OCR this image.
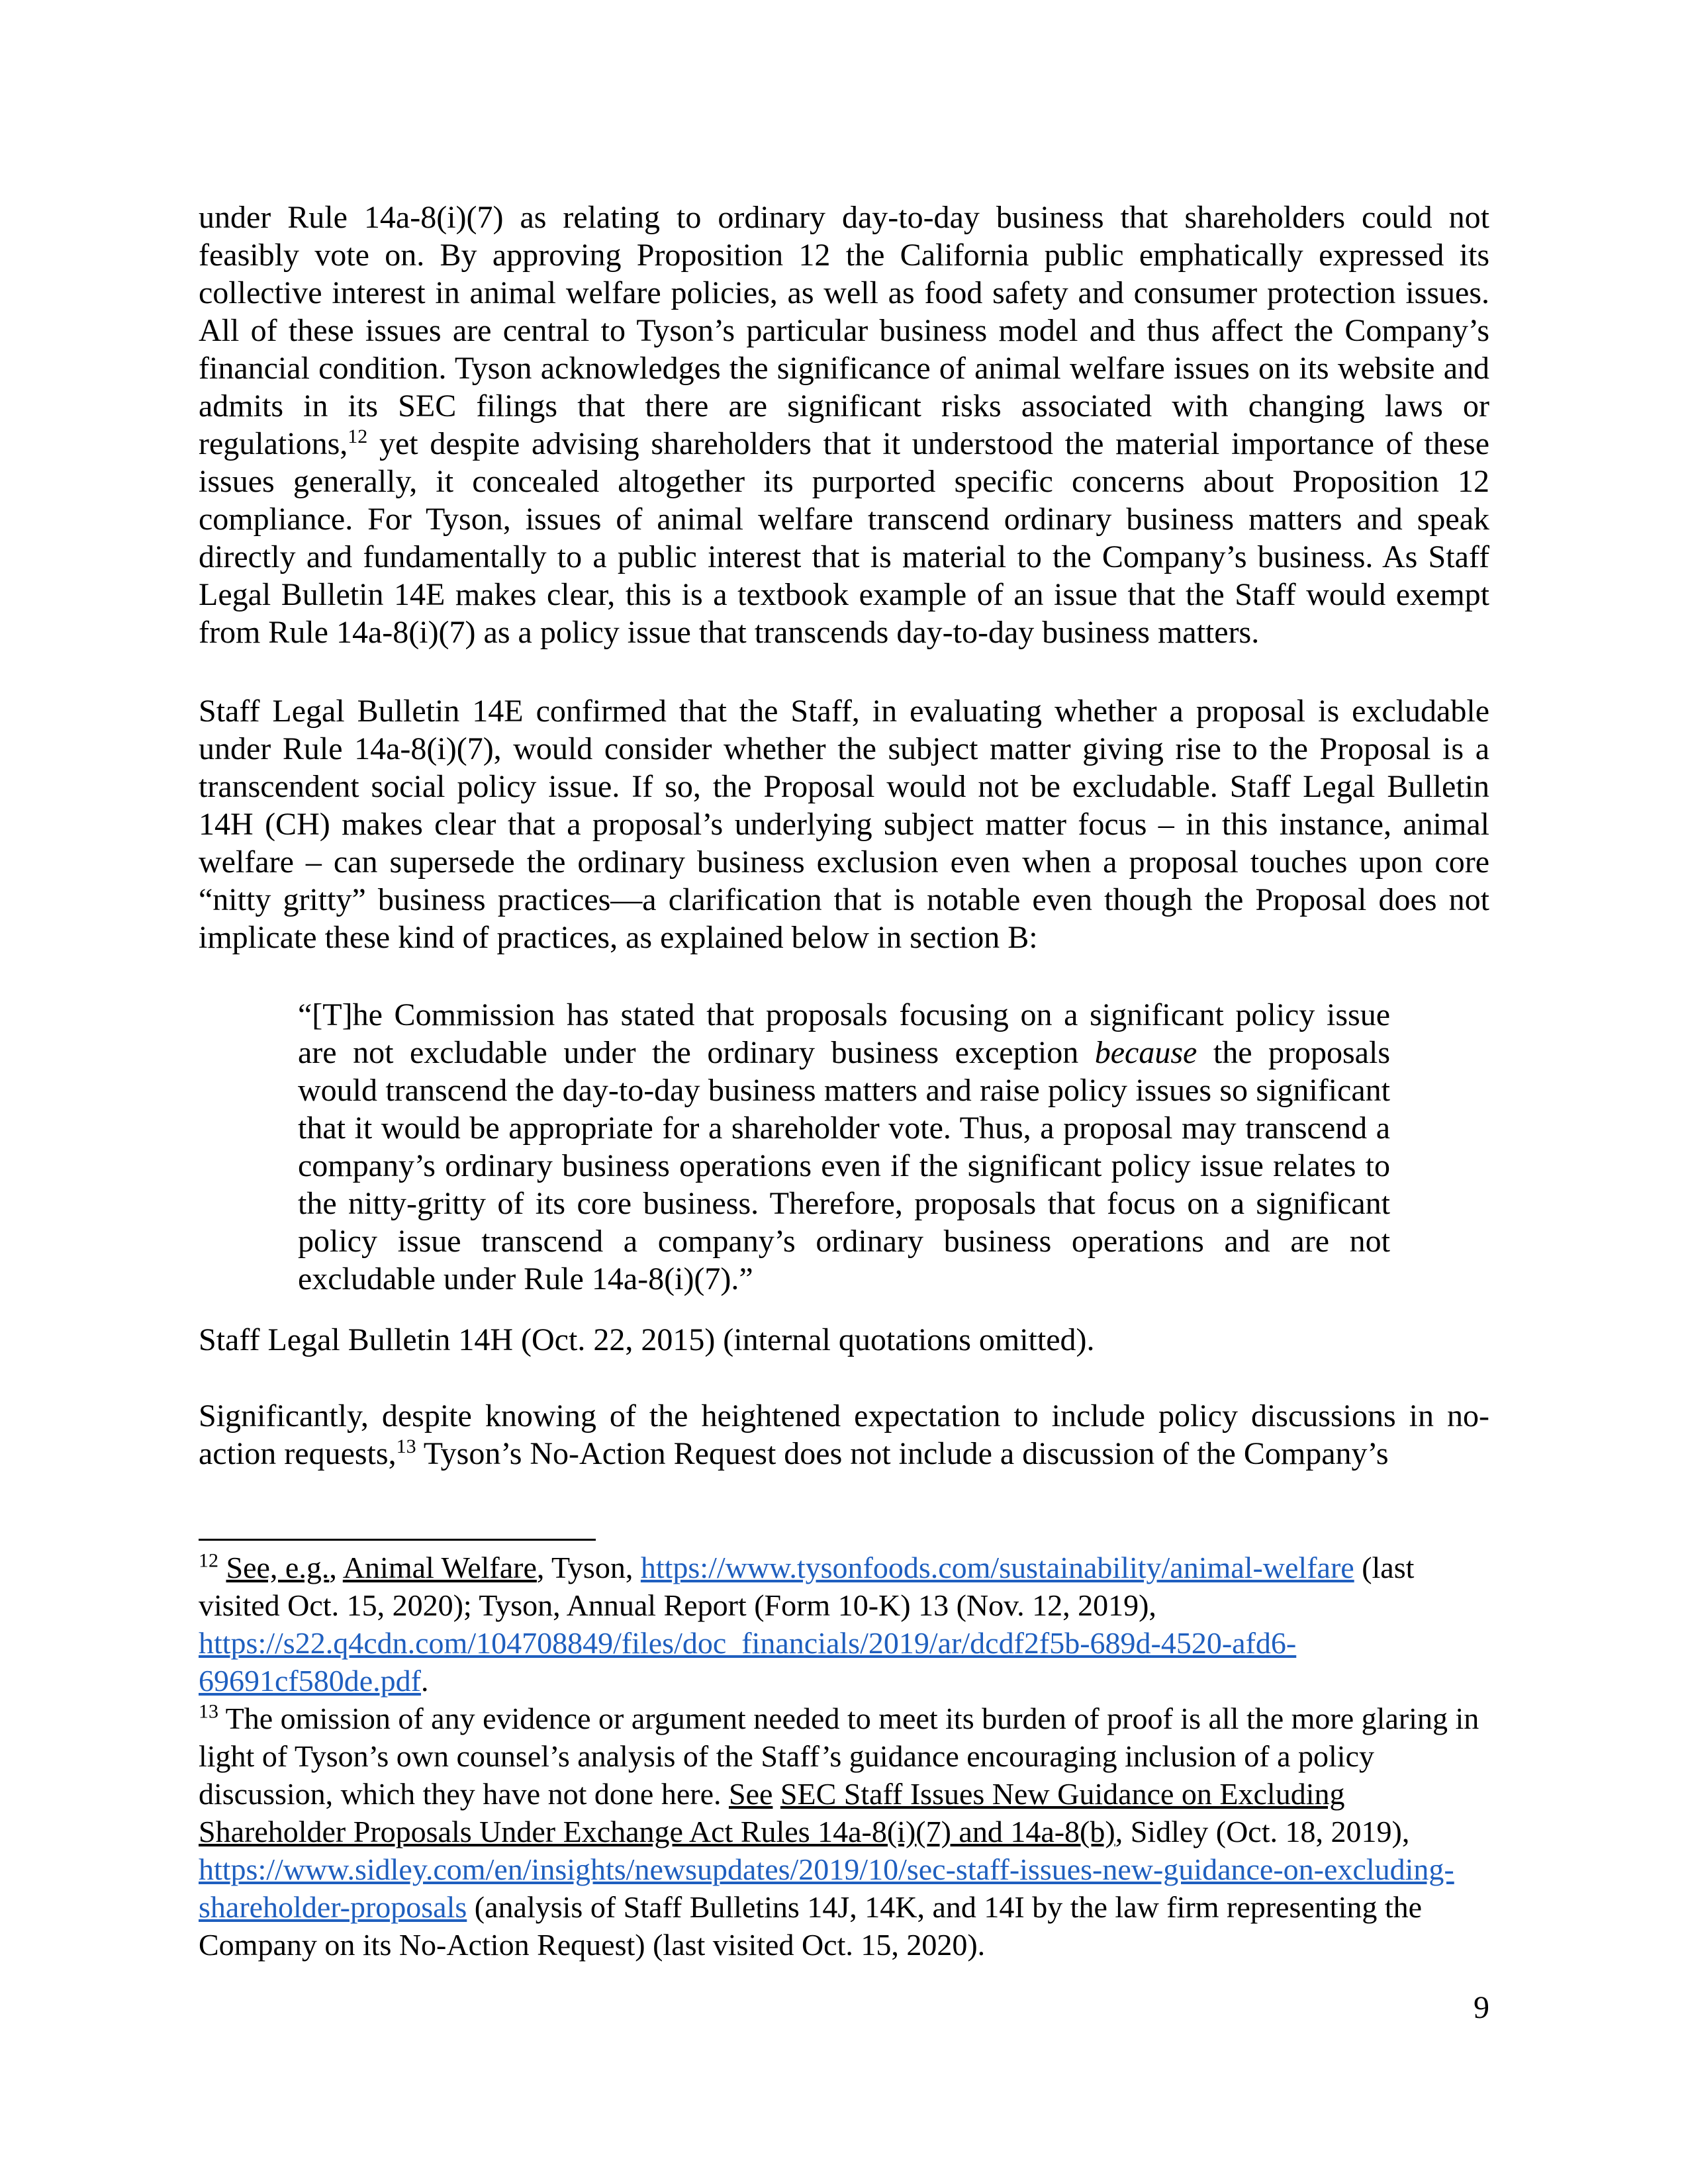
under Rule 14a-8(i)(7) as relating to ordinary day-to-day business that shareholders could not feasibly vote on. By approving Proposition 12 the California public emphatically expressed its collective interest in animal welfare policies, as well as food safety and consumer protection issues. All of these issues are central to Tyson’s particular business model and thus affect the Company’s financial condition. Tyson acknowledges the significance of animal welfare issues on its website and admits in its SEC filings that there are significant risks associated with changing laws or regulations,$^{12}$ yet despite advising shareholders that it understood the material importance of these issues generally, it concealed altogether its purported specific concerns about Proposition 12 compliance. For Tyson, issues of animal welfare transcend ordinary business matters and speak directly and fundamentally to a public interest that is material to the Company’s business. As Staff Legal Bulletin 14E makes clear, this is a textbook example of an issue that the Staff would exempt from Rule 14a-8(i)(7) as a policy issue that transcends day-to-day business matters.

Staff Legal Bulletin 14E confirmed that the Staff, in evaluating whether a proposal is excludable under Rule 14a-8(i)(7), would consider whether the subject matter giving rise to the Proposal is a transcendent social policy issue. If so, the Proposal would not be excludable. Staff Legal Bulletin 14H (CH) makes clear that a proposal’s underlying subject matter focus – in this instance, animal welfare – can supersede the ordinary business exclusion even when a proposal touches upon core “nitty gritty” business practices—a clarification that is notable even though the Proposal does not implicate these kind of practices, as explained below in section B:

“[T]he Commission has stated that proposals focusing on a significant policy issue are not excludable under the ordinary business exception because the proposals would transcend the day-to-day business matters and raise policy issues so significant that it would be appropriate for a shareholder vote. Thus, a proposal may transcend a company’s ordinary business operations even if the significant policy issue relates to the nitty-gritty of its core business. Therefore, proposals that focus on a significant policy issue transcend a company’s ordinary business operations and are not excludable under Rule 14a-8(i)(7).”

Staff Legal Bulletin 14H (Oct. 22, 2015) (internal quotations omitted).

Significantly, despite knowing of the heightened expectation to include policy discussions in no-action requests,$^{13}$ Tyson’s No-Action Request does not include a discussion of the Company’s

$^{12}$ See, e.g., Animal Welfare, Tyson, https://www.tysonfoods.com/sustainability/animal-welfare (last visited Oct. 15, 2020); Tyson, Annual Report (Form 10-K) 13 (Nov. 12, 2019), https://s22.q4cdn.com/104708849/files/doc_financials/2019/ar/dcdf2f5b-689d-4520-afd6-69691cf580de.pdf.

$^{13}$ The omission of any evidence or argument needed to meet its burden of proof is all the more glaring in light of Tyson’s own counsel’s analysis of the Staff’s guidance encouraging inclusion of a policy discussion, which they have not done here. See SEC Staff Issues New Guidance on Excluding Shareholder Proposals Under Exchange Act Rules 14a-8(i)(7) and 14a-8(b), Sidley (Oct. 18, 2019), https://www.sidley.com/en/insights/newsupdates/2019/10/sec-staff-issues-new-guidance-on-excluding-shareholder-proposals (analysis of Staff Bulletins 14J, 14K, and 14I by the law firm representing the Company on its No-Action Request) (last visited Oct. 15, 2020).

9
